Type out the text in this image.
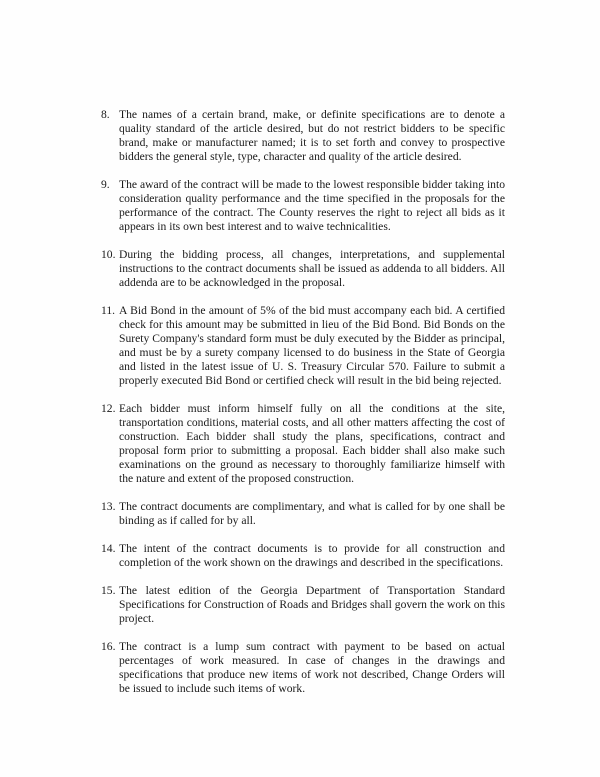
8. The names of a certain brand, make, or definite specifications are to denote a quality standard of the article desired, but do not restrict bidders to be specific brand, make or manufacturer named; it is to set forth and convey to prospective bidders the general style, type, character and quality of the article desired.
9. The award of the contract will be made to the lowest responsible bidder taking into consideration quality performance and the time specified in the proposals for the performance of the contract. The County reserves the right to reject all bids as it appears in its own best interest and to waive technicalities.
10. During the bidding process, all changes, interpretations, and supplemental instructions to the contract documents shall be issued as addenda to all bidders. All addenda are to be acknowledged in the proposal.
11. A Bid Bond in the amount of 5% of the bid must accompany each bid. A certified check for this amount may be submitted in lieu of the Bid Bond. Bid Bonds on the Surety Company's standard form must be duly executed by the Bidder as principal, and must be by a surety company licensed to do business in the State of Georgia and listed in the latest issue of U. S. Treasury Circular 570. Failure to submit a properly executed Bid Bond or certified check will result in the bid being rejected.
12. Each bidder must inform himself fully on all the conditions at the site, transportation conditions, material costs, and all other matters affecting the cost of construction. Each bidder shall study the plans, specifications, contract and proposal form prior to submitting a proposal. Each bidder shall also make such examinations on the ground as necessary to thoroughly familiarize himself with the nature and extent of the proposed construction.
13. The contract documents are complimentary, and what is called for by one shall be binding as if called for by all.
14. The intent of the contract documents is to provide for all construction and completion of the work shown on the drawings and described in the specifications.
15. The latest edition of the Georgia Department of Transportation Standard Specifications for Construction of Roads and Bridges shall govern the work on this project.
16. The contract is a lump sum contract with payment to be based on actual percentages of work measured. In case of changes in the drawings and specifications that produce new items of work not described, Change Orders will be issued to include such items of work.
